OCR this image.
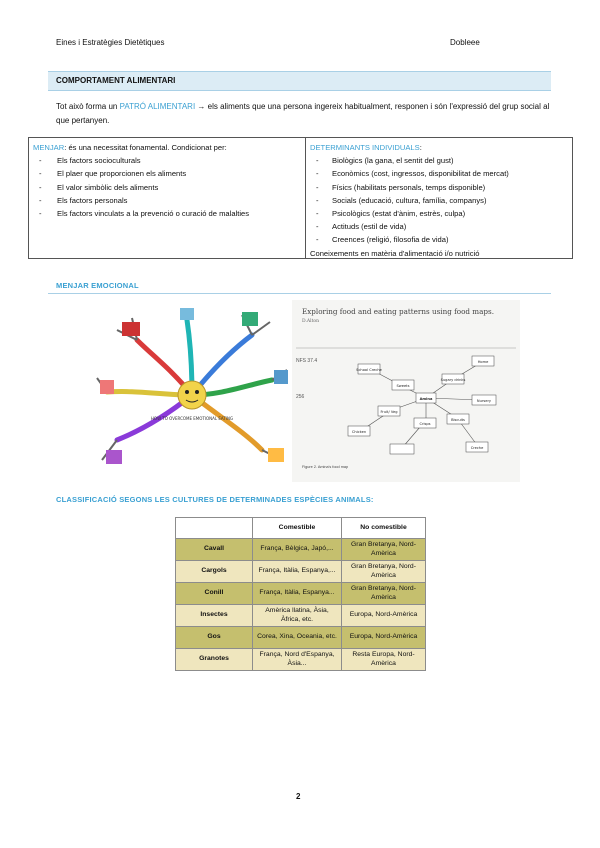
Eines i Estratègies Dietètiques	Dobleee
COMPORTAMENT ALIMENTARI
Tot això forma un PATRÓ ALIMENTARI → els aliments que una persona ingereix habitualment, responen i són l'expressió del grup social al que pertanyen.
MENJAR: és una necessitat fonamental. Condicionat per:
- Els factors socioculturals
- El plaer que proporcionen els aliments
- El valor simbòlic dels aliments
- Els factors personals
- Els factors vinculats a la prevenció o curació de malalties
DETERMINANTS INDIVIDUALS:
- Biològics (la gana, el sentit del gust)
- Econòmics (cost, ingressos, disponibilitat de mercat)
- Físics (habilitats personals, temps disponible)
- Socials (educació, cultura, família, companys)
- Psicològics (estat d'ànim, estrès, culpa)
- Actituds (estil de vida)
- Creences (religió, filosofia de vida)
Coneixements en matèria d'alimentació i/o nutrició
MENJAR EMOCIONAL
HOW TO OVERCOME EMOTIONAL EATING
Exploring food and eating patterns using food maps.
D.Alton
NFS 37.4
256	Amina
Sweets
Sugary drinks
Fruit/ Veg
Crisps
Biscuits
Nursery
School Creche
Home
Chicken
Creche
Figure 2. Amina's food map
CLASSIFICACIÓ SEGONS LES CULTURES DE DETERMINADES ESPÈCIES ANIMALS:
	Comestible	No comestible
Cavall	França, Bèlgica, Japó,...	Gran Bretanya, Nord-Amèrica
Cargols	França, Itàlia, Espanya,...	Gran Bretanya, Nord-Amèrica
Conill	França, Itàlia, Espanya...	Gran Bretanya, Nord-Amèrica
Insectes	Amèrica llatina, Àsia, Àfrica, etc.	Europa, Nord-Amèrica
Gos	Corea, Xina, Oceania, etc.	Europa, Nord-Amèrica
Granotes	França, Nord d'Espanya, Àsia...	Resta Europa, Nord-Amèrica
2
